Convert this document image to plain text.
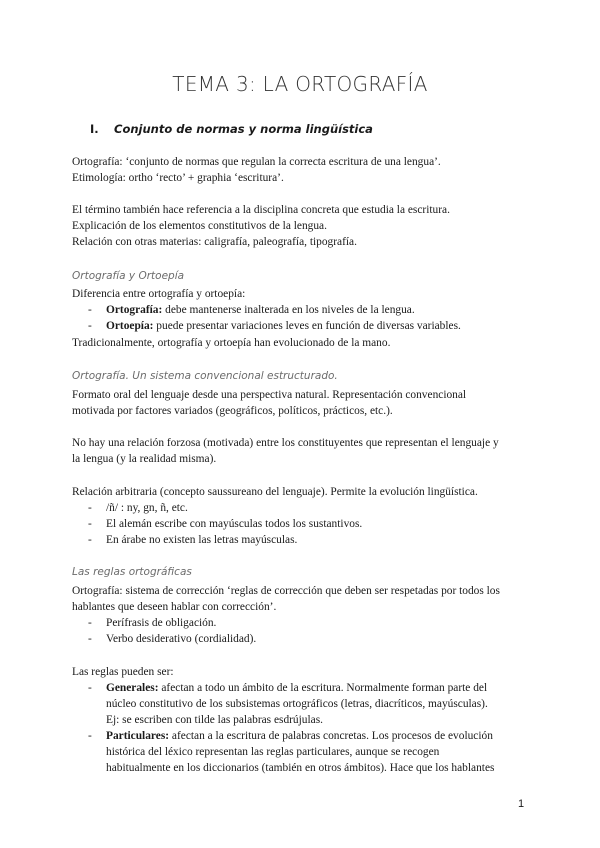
TEMA 3: LA ORTOGRAFÍA
I. Conjunto de normas y norma lingüística
Ortografía: ‘conjunto de normas que regulan la correcta escritura de una lengua’.
Etimología: ortho ‘recto’ + graphia ‘escritura’.
El término también hace referencia a la disciplina concreta que estudia la escritura.
Explicación de los elementos constitutivos de la lengua.
Relación con otras materias: caligrafía, paleografía, tipografía.
Ortografía y Ortoepía
Diferencia entre ortografía y ortoepía:
- Ortografía: debe mantenerse inalterada en los niveles de la lengua.
- Ortoepía: puede presentar variaciones leves en función de diversas variables.
Tradicionalmente, ortografía y ortoepía han evolucionado de la mano.
Ortografía. Un sistema convencional estructurado.
Formato oral del lenguaje desde una perspectiva natural. Representación convencional
motivada por factores variados (geográficos, políticos, prácticos, etc.).
No hay una relación forzosa (motivada) entre los constituyentes que representan el lenguaje y
la lengua (y la realidad misma).
Relación arbitraria (concepto saussureano del lenguaje). Permite la evolución lingüística.
- /ñ/ : ny, gn, ñ, etc.
- El alemán escribe con mayúsculas todos los sustantivos.
- En árabe no existen las letras mayúsculas.
Las reglas ortográficas
Ortografía: sistema de corrección ‘reglas de corrección que deben ser respetadas por todos los
hablantes que deseen hablar con corrección’.
- Perífrasis de obligación.
- Verbo desiderativo (cordialidad).
Las reglas pueden ser:
- Generales: afectan a todo un ámbito de la escritura. Normalmente forman parte del
núcleo constitutivo de los subsistemas ortográficos (letras, diacríticos, mayúsculas).
Ej: se escriben con tilde las palabras esdrújulas.
- Particulares: afectan a la escritura de palabras concretas. Los procesos de evolución
histórica del léxico representan las reglas particulares, aunque se recogen
habitualmente en los diccionarios (también en otros ámbitos). Hace que los hablantes
1
